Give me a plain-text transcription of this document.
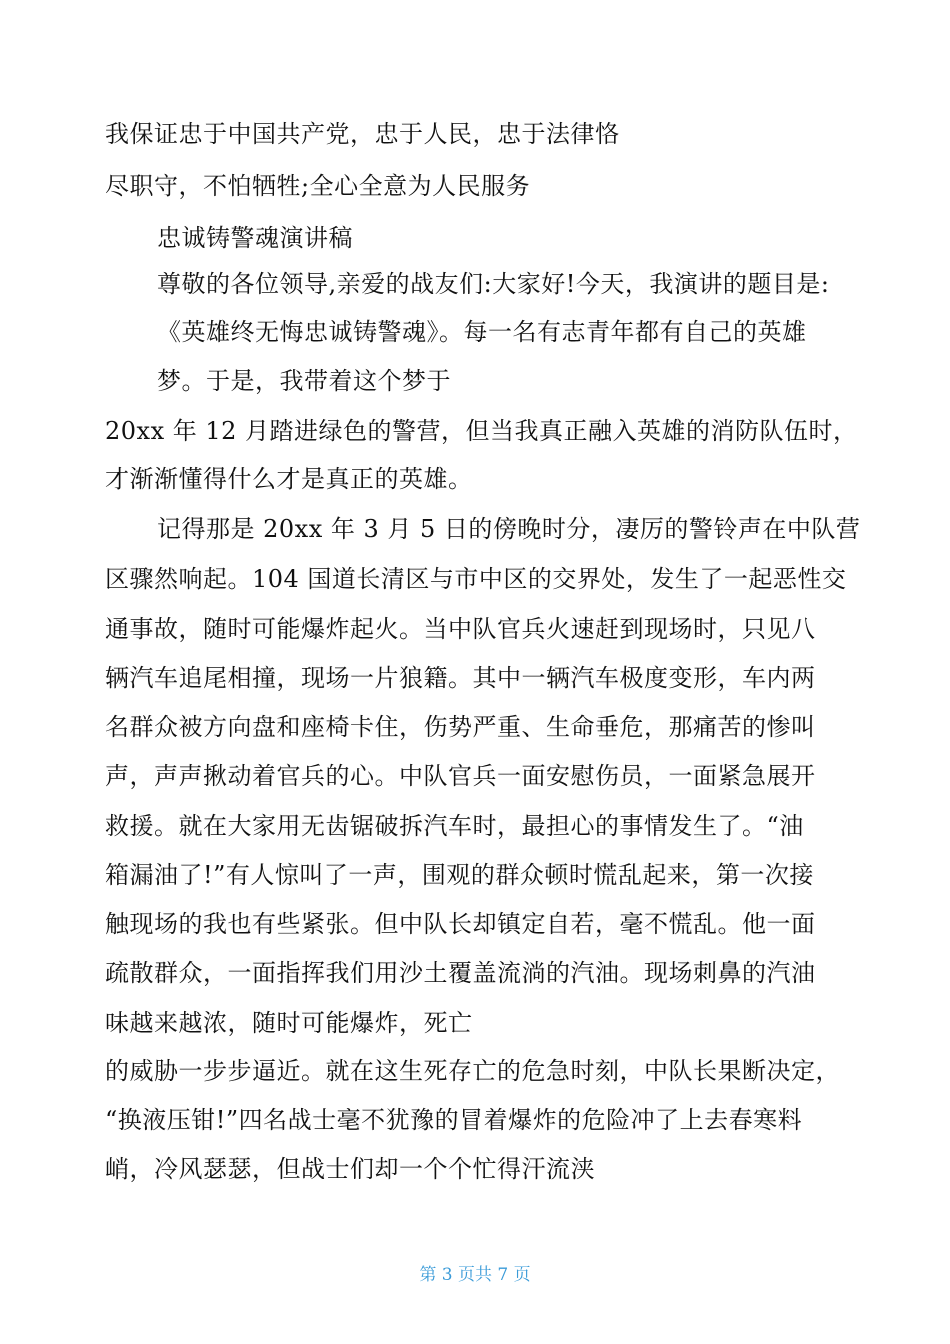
我保证忠于中国共产党，忠于人民，忠于法律恪
尽职守，不怕牺牲;全心全意为人民服务
忠诚铸警魂演讲稿
尊敬的各位领导,亲爱的战友们:大家好!今天，我演讲的题目是:
《英雄终无悔忠诚铸警魂》。每一名有志青年都有自己的英雄
梦。于是，我带着这个梦于
20xx 年 12 月踏进绿色的警营，但当我真正融入英雄的消防队伍时，
才渐渐懂得什么才是真正的英雄。
记得那是 20xx 年 3 月 5 日的傍晚时分，凄厉的警铃声在中队营
区骤然响起。104 国道长清区与市中区的交界处，发生了一起恶性交
通事故，随时可能爆炸起火。当中队官兵火速赶到现场时，只见八
辆汽车追尾相撞，现场一片狼籍。其中一辆汽车极度变形，车内两
名群众被方向盘和座椅卡住，伤势严重、生命垂危，那痛苦的惨叫
声，声声揪动着官兵的心。中队官兵一面安慰伤员，一面紧急展开
救援。就在大家用无齿锯破拆汽车时，最担心的事情发生了。“油
箱漏油了!”有人惊叫了一声，围观的群众顿时慌乱起来，第一次接
触现场的我也有些紧张。但中队长却镇定自若，毫不慌乱。他一面
疏散群众，一面指挥我们用沙土覆盖流淌的汽油。现场刺鼻的汽油
味越来越浓，随时可能爆炸，死亡
的威胁一步步逼近。就在这生死存亡的危急时刻，中队长果断决定，
“换液压钳!”四名战士毫不犹豫的冒着爆炸的危险冲了上去春寒料
峭，冷风瑟瑟，但战士们却一个个忙得汗流浃
第 3 页共 7 页
